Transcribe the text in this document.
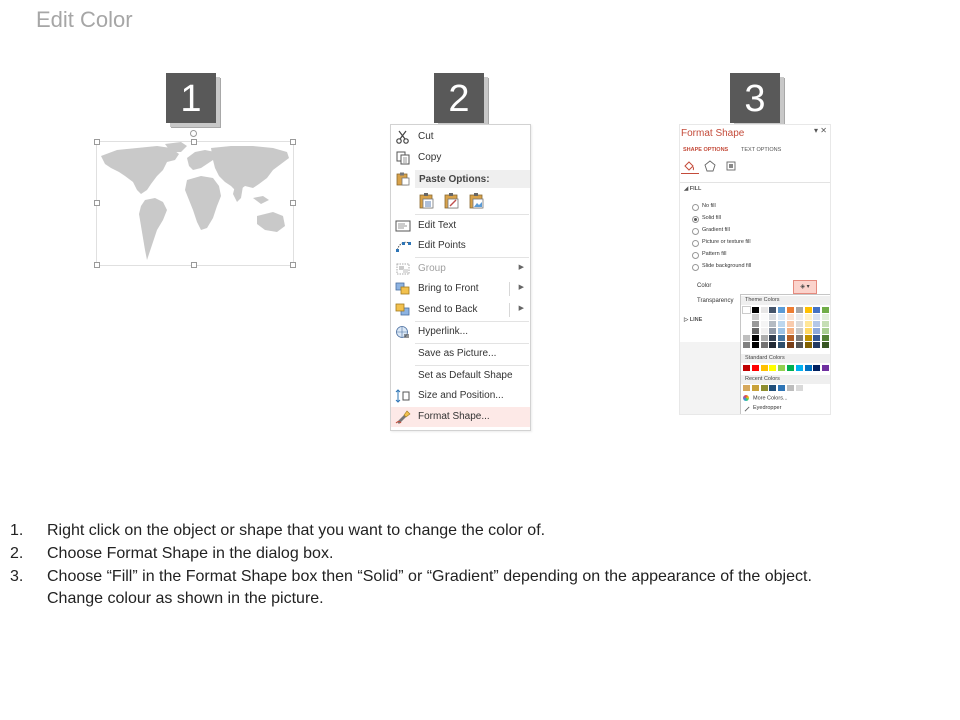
Edit Color
1	2	3
Cut
Copy
Paste Options:
Edit Text
Edit Points
Group	▶
Bring to Front	▶
Send to Back	▶
Hyperlink...
Save as Picture...
Set as Default Shape
Size and Position...
Format Shape...
Format Shape	▾ ✕
SHAPE OPTIONS TEXT OPTIONS
◢ FILL
No fill
Solid fill
Gradient fill
Picture or texture fill
Pattern fill
Slide background fill
Color	◈ ▾
Transparency
▷ LINE
Theme Colors
Standard Colors
Recent Colors
More Colors...
Eyedropper
1. Right click on the object or shape that you want to change the color of.
2. Choose Format Shape in the dialog box.
3. Choose “Fill” in the Format Shape box then “Solid” or “Gradient” depending on the appearance of the object.
Change colour as shown in the picture.
